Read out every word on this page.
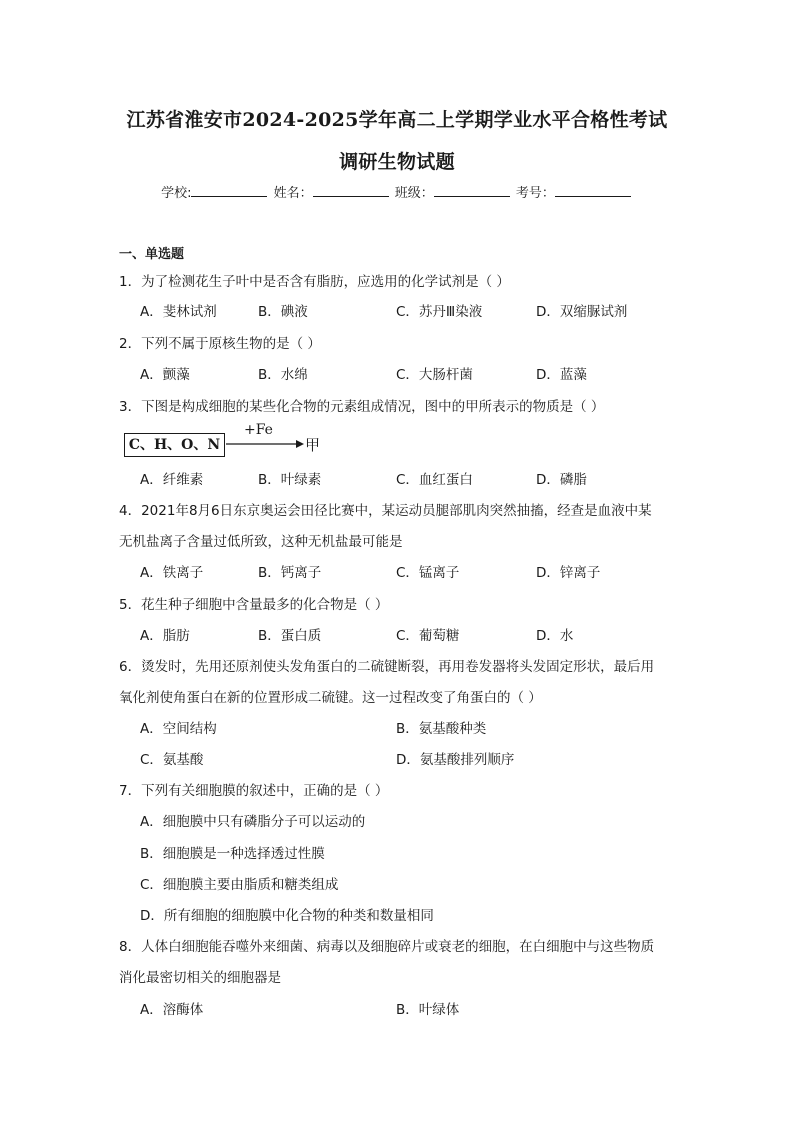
江苏省淮安市2024-2025学年高二上学期学业水平合格性考试
调研生物试题
学校:	姓名：	班级：	考号：
一、单选题
1．为了检测花生子叶中是否含有脂肪，应选用的化学试剂是（ ）
A．斐林试剂	B．碘液	C．苏丹Ⅲ染液	D．双缩脲试剂
2．下列不属于原核生物的是（ ）
A．颤藻	B．水绵	C．大肠杆菌	D．蓝藻
3．下图是构成细胞的某些化合物的元素组成情况，图中的甲所表示的物质是（ ）
C、H、O、N
+Fe
甲
A．纤维素	B．叶绿素	C．血红蛋白	D．磷脂
4．2021年8月6日东京奥运会田径比赛中，某运动员腿部肌肉突然抽搐，经查是血液中某
无机盐离子含量过低所致，这种无机盐最可能是
A．铁离子	B．钙离子	C．锰离子	D．锌离子
5．花生种子细胞中含量最多的化合物是（ ）
A．脂肪	B．蛋白质	C．葡萄糖	D．水
6．烫发时，先用还原剂使头发角蛋白的二硫键断裂，再用卷发器将头发固定形状，最后用
氧化剂使角蛋白在新的位置形成二硫键。这一过程改变了角蛋白的（ ）
A．空间结构	B．氨基酸种类
C．氨基酸	D．氨基酸排列顺序
7．下列有关细胞膜的叙述中，正确的是（ ）
A．细胞膜中只有磷脂分子可以运动的
B．细胞膜是一种选择透过性膜
C．细胞膜主要由脂质和糖类组成
D．所有细胞的细胞膜中化合物的种类和数量相同
8．人体白细胞能吞噬外来细菌、病毒以及细胞碎片或衰老的细胞，在白细胞中与这些物质
消化最密切相关的细胞器是
A．溶酶体	B．叶绿体
